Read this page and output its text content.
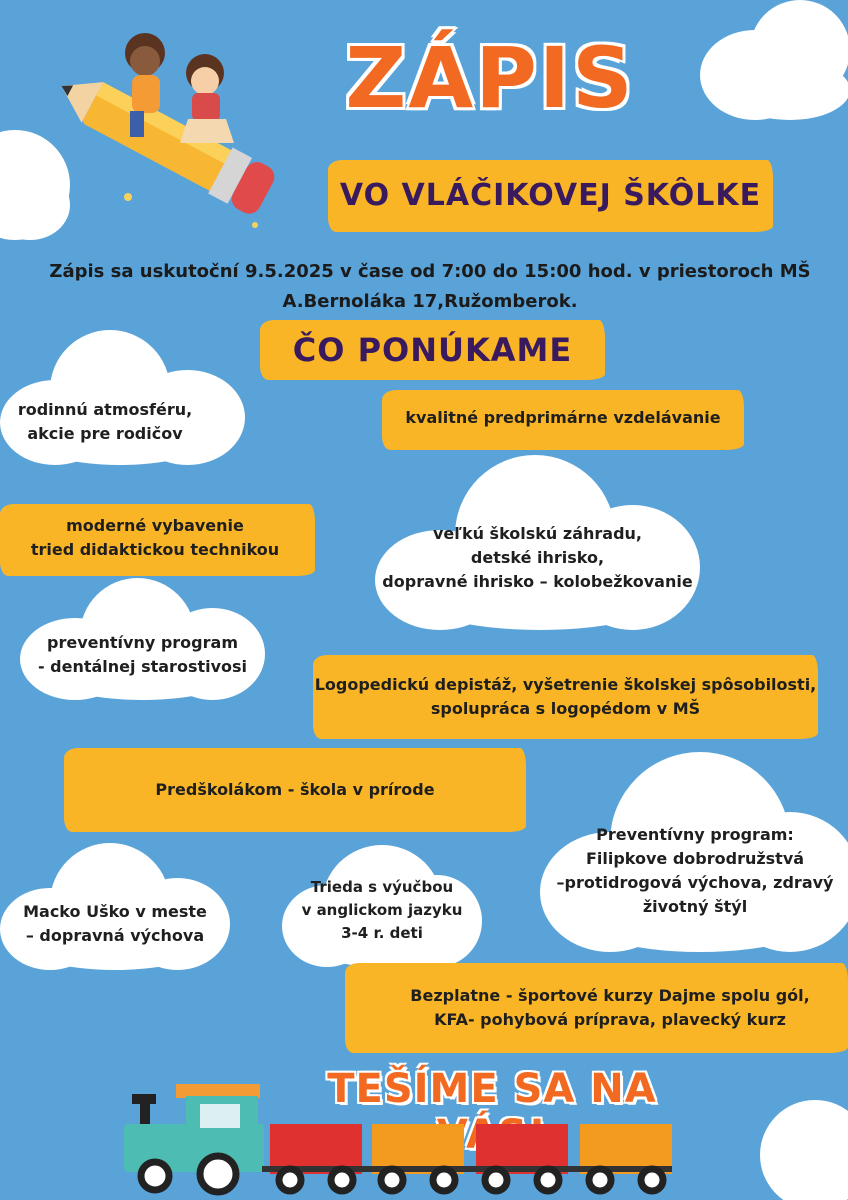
ZÁPIS
VO VLÁČIKOVEJ ŠKÔLKE
Zápis sa uskutoční 9.5.2025 v čase od 7:00 do 15:00 hod. v priestoroch MŠ
A.Bernoláka 17,Ružomberok.
ČO PONÚKAME
rodinnú atmosféru,
akcie pre rodičov
kvalitné predprimárne vzdelávanie
moderné vybavenie
tried didaktickou technikou
veľkú školskú záhradu,
detské ihrisko,
dopravné ihrisko – kolobežkovanie
preventívny program
- dentálnej starostivosi
Logopedickú depistáž, vyšetrenie školskej spôsobilosti,
spolupráca s logopédom v MŠ
Predškolákom - škola v prírode
Preventívny program:
Filipkove dobrodružstvá
–protidrogová výchova, zdravý
životný štýl
Macko Uško v meste
– dopravná výchova
Trieda s výučbou
v anglickom jazyku
3-4 r. deti
Bezplatne - športové kurzy Dajme spolu gól,
KFA- pohybová príprava, plavecký kurz
TEŠÍME SA NA
